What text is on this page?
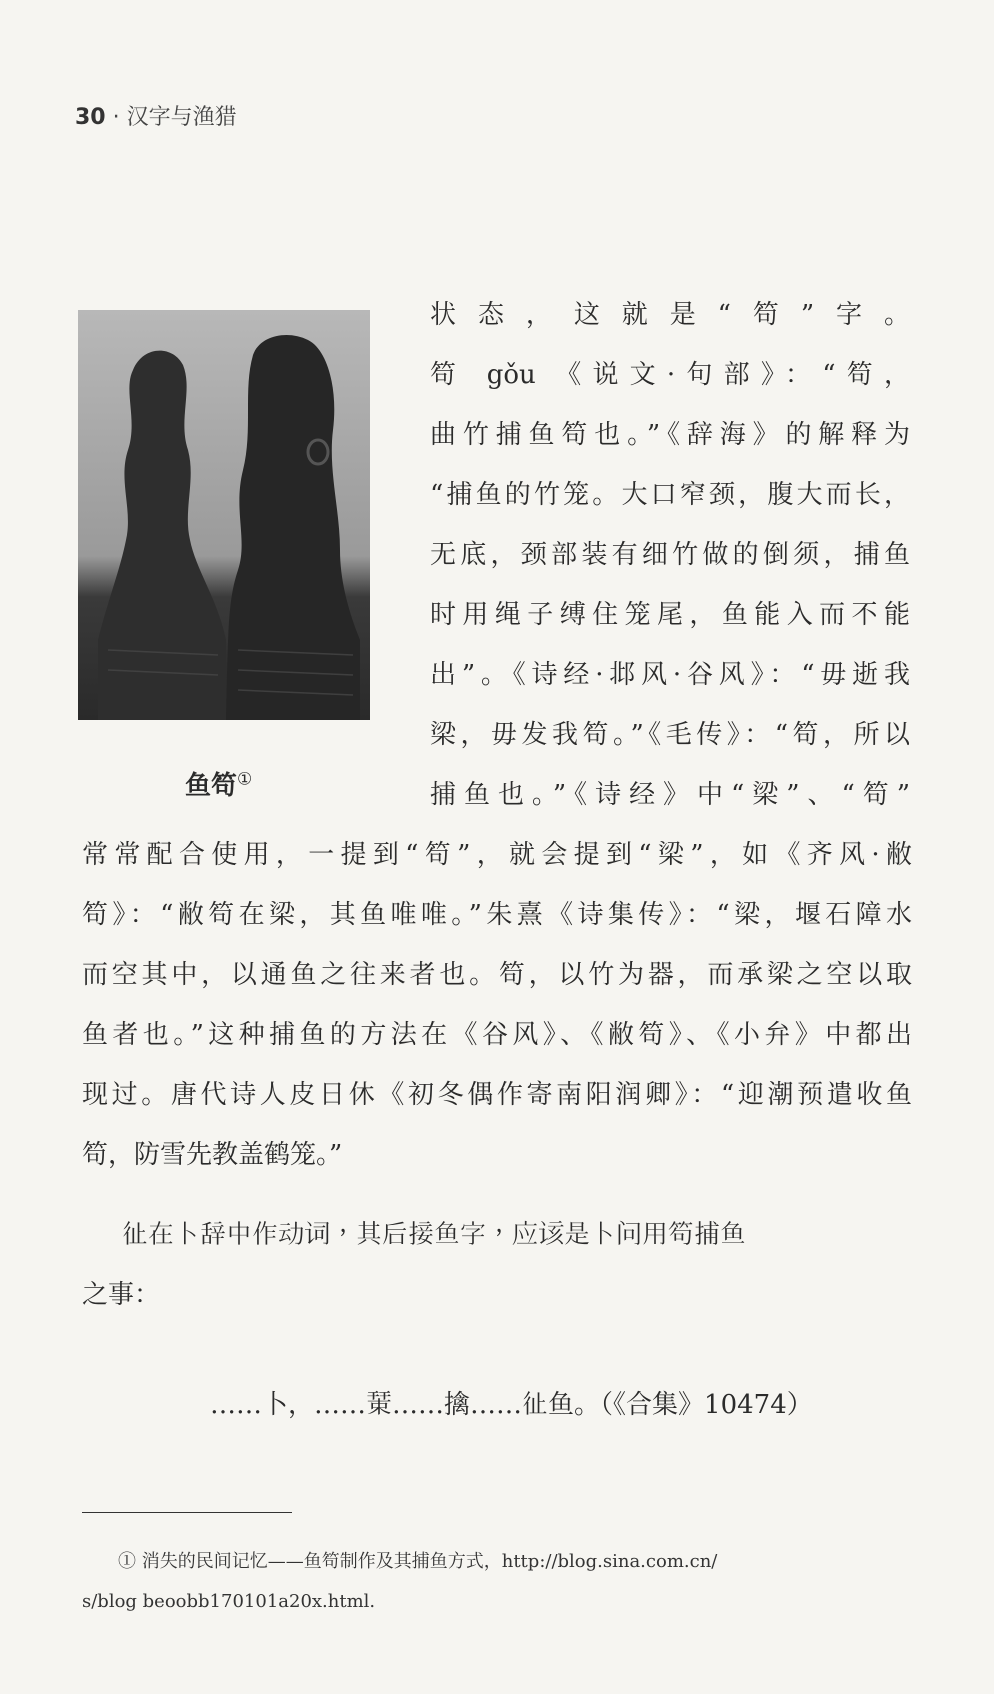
30 · 汉字与渔猎
鱼笱①
状态，这就是“笱”字。
笱 gǒu 《说文·句部》：“笱，
曲竹捕鱼笱也。”《辞海》的解释为
“捕鱼的竹笼。大口窄颈，腹大而长，
无底，颈部装有细竹做的倒须，捕鱼
时用绳子缚住笼尾，鱼能入而不能
出”。《诗经·邶风·谷风》：“毋逝我
梁，毋发我笱。”《毛传》：“笱，所以
捕鱼也。”《诗经》中“梁”、“笱”
常常配合使用，一提到“笱”，就会提到“梁”，如《齐风·敝
笱》：“敝笱在梁，其鱼唯唯。”朱熹《诗集传》：“梁，堰石障水
而空其中，以通鱼之往来者也。笱，以竹为器，而承梁之空以取
鱼者也。”这种捕鱼的方法在《谷风》、《敝笱》、《小弁》中都出
现过。唐代诗人皮日休《初冬偶作寄南阳润卿》：“迎潮预遣收鱼
笱，防雪先教盖鹤笼。”
𢓊在卜辞中作动词，其后接鱼字，应该是卜问用笱捕鱼
之事：
……卜，……𢆞……擒……𢓊鱼。（《合集》10474）
① 消失的民间记忆——鱼笱制作及其捕鱼方式，http://blog.sina.com.cn/
s/blog beoobb170101a20x.html.
